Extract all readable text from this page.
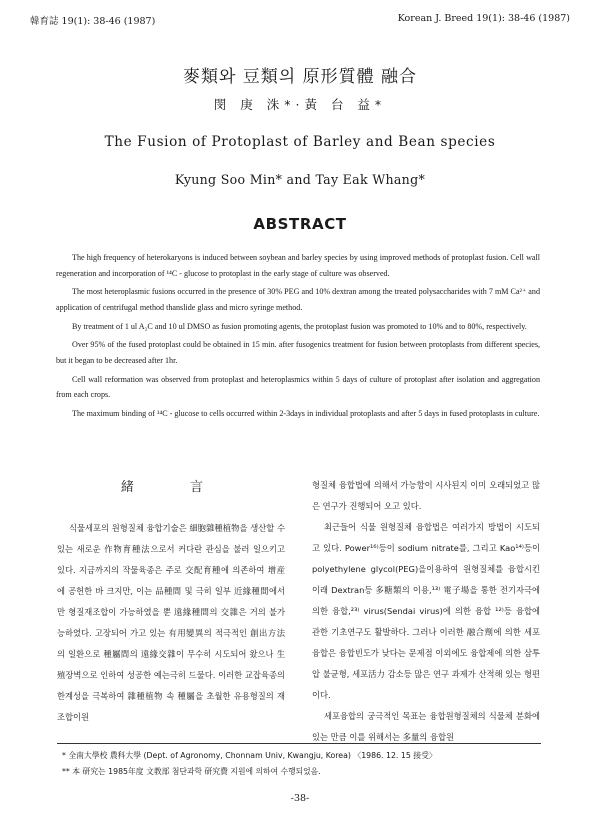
韓育誌 19(1): 38-46 (1987)	Korean J. Breed 19(1): 38-46 (1987)
麥類와 豆類의 原形質體 融合
閔 庚 洙*·黃 台 益*
The Fusion of Protoplast of Barley and Bean species
Kyung Soo Min* and Tay Eak Whang*
ABSTRACT

The high frequency of heterokaryons is induced between soybean and barley species by using improved methods of protoplast fusion. Cell wall regeneration and incorporation of ¹⁴C - glucose to protoplast in the early stage of culture was observed.

The most heteroplasmic fusions occurred in the presence of 30% PEG and 10% dextran among the treated polysaccharides with 7 mM Ca²⁺ and application of centrifugal method thanslide glass and micro syringe method.

By treatment of 1 ul A₂C and 10 ul DMSO as fusion promoting agents, the protoplast fusion was promoted to 10% and to 80%, respectively.

Over 95% of the fused protoplast could be obtained in 15 min. after fusogenics treatment for fusion between protoplasts from different species, but it began to be decreased after 1hr.

Cell wall reformation was observed from protoplast and heteroplasmics within 5 days of culture of protoplast after isolation and aggregation from each crops.

The maximum binding of ¹⁴C - glucose to cells occurred within 2-3days in individual protoplasts and after 5 days in fused protoplasts in culture.

緒 言

식물세포의 원형질체 융합기술은 細胞雜種植物을 생산할 수 있는 새로운 作物育種法으로서 커다란 관심을 불러 일으키고 있다. 지금까지의 작물육종은 주로 交配育種에 의존하여 增産에 공헌한 바 크지만, 이는 品種間 및 극히 일부 近緣種間에서만 형질재조합이 가능하였을 뿐 遠緣種間의 交雜은 거의 불가능하였다. 고장되어 가고 있는 有用變異의 적극적인 創出方法의 일환으로 種屬間의 遠緣交雜이 무수히 시도되어 왔으나 生殖장벽으로 인하여 성공한 예는극히 드물다. 이러한 교잡육종의 한계성을 극복하여 雜種植物 속 種屬을 초월한 유용형질의 재조합이원

형질체 융합법에 의해서 가능함이 시사된지 이미 오래되었고 많은 연구가 진행되어 오고 있다.

최근들어 식물 원형질체 융합법은 여러가지 방법이 시도되고 있다. Power¹⁶⁾등이 sodium nitrate를, 그리고 Kao¹⁴⁾등이 polyethylene glycol(PEG)을이용하여 원형질체를 융합시킨 이래 Dextran등 多糖類의 이용,¹³⁾ 電子場을 통한 전기자극에 의한 융합,²³⁾ virus(Sendai virus)에 의한 융합 ¹²⁾등 융합에 관한 기초연구도 활발하다. 그러나 이러한 融合劑에 의한 세포융합은 융합빈도가 낮다는 문제점 이외에도 융합제에 의한 삼투압 불균형, 세포活力 감소등 많은 연구 과제가 산적해 있는 형편이다.

세포융합의 궁극적인 목표는 융합원형질체의 식물체 분화에 있는 만큼 이를 위해서는 多量의 융합원

* 全南大學校 農科大學 (Dept. of Agronomy, Chonnam Univ, Kwangju, Korea) 〈1986. 12. 15 接受〉
** 本 研究는 1985年度 文教部 첨단과학 研究費 지원에 의하여 수행되었음.
-38-
